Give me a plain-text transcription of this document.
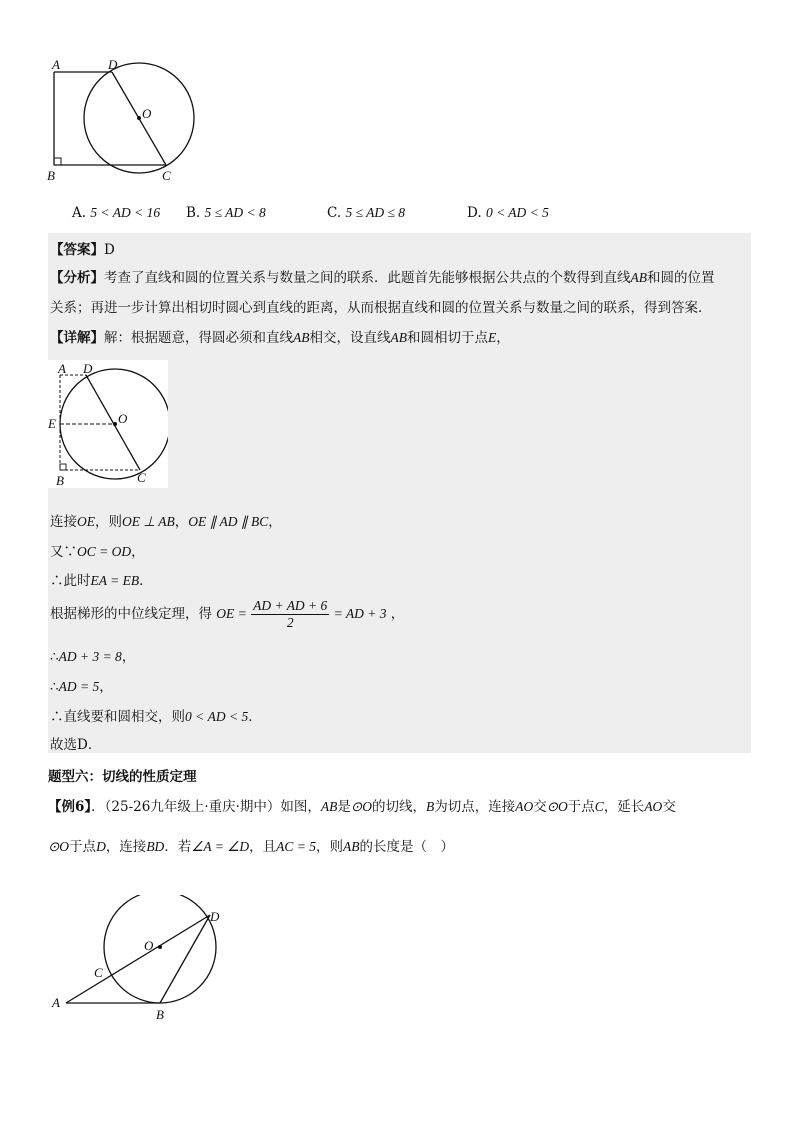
A	D
O
B	C
A. 5 < AD < 16 B. 5 ≤ AD < 8	C. 5 ≤ AD ≤ 8	D. 0 < AD < 5
【答案】D
【分析】考查了直线和圆的位置关系与数量之间的联系．此题首先能够根据公共点的个数得到直线AB和圆的位置
关系；再进一步计算出相切时圆心到直线的距离，从而根据直线和圆的位置关系与数量之间的联系，得到答案．
【详解】解：根据题意，得圆必须和直线AB相交，设直线AB和圆相切于点E，
A D
O
E
B	C
连接OE，则OE ⊥ AB，OE ∥ AD ∥ BC，
又∵OC = OD，
∴此时EA = EB．
根据梯形的中位线定理，得 OE = $\frac{AD + AD + 6}{2}$ = AD + 3 ，
∴AD + 3 = 8，
∴AD = 5，
∴直线要和圆相交，则0 < AD < 5．
故选D．
题型六：切线的性质定理
【例6】．（25-26九年级上·重庆·期中）如图，AB是⊙O的切线，B为切点，连接AO交⊙O于点C，延长AO交
⊙O于点D，连接BD．若∠A = ∠D，且AC = 5，则AB的长度是（　）
O
D
C
A
B
